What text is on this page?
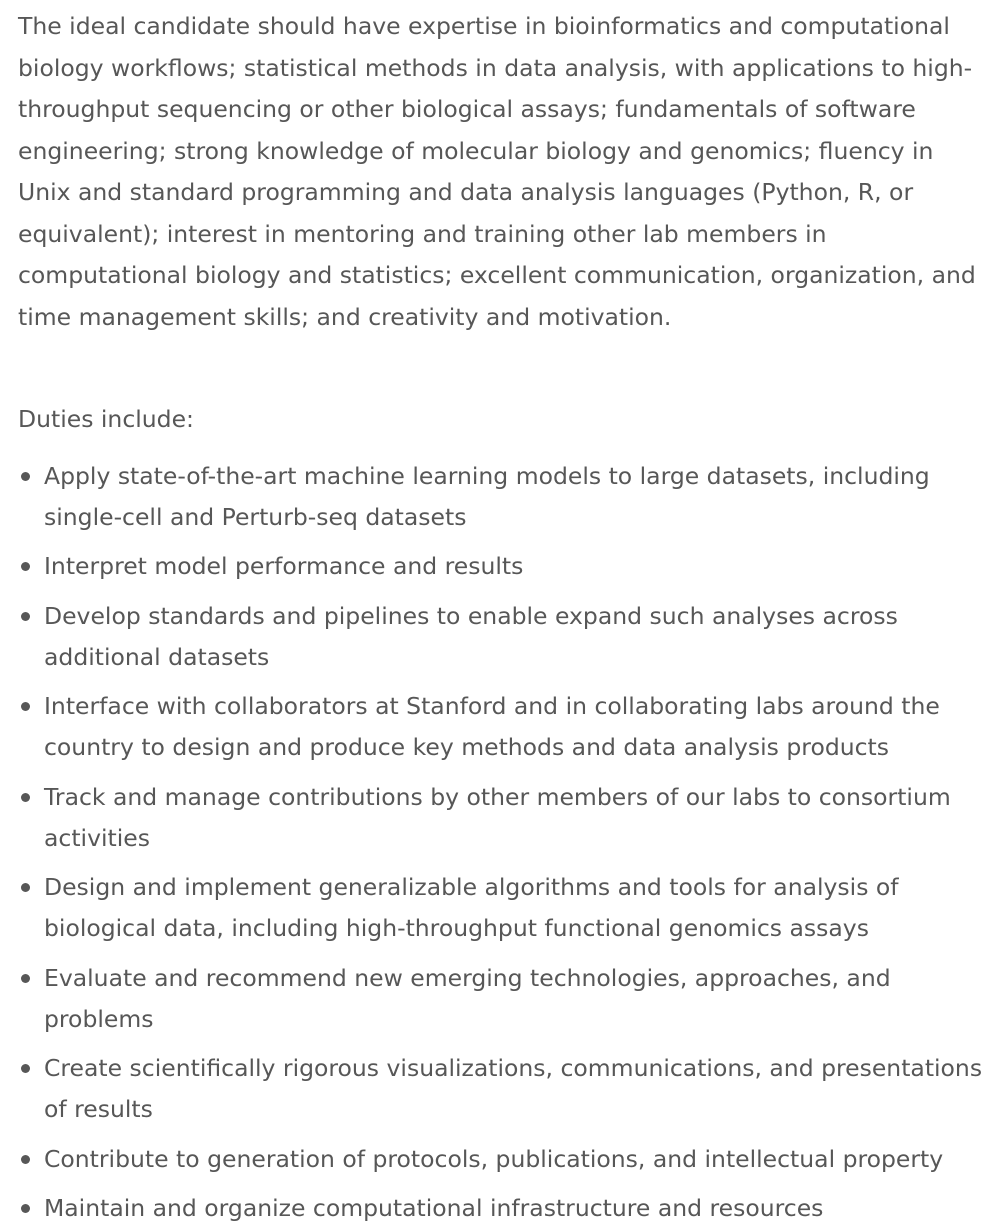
The ideal candidate should have expertise in bioinformatics and computational biology workflows; statistical methods in data analysis, with applications to high-throughput sequencing or other biological assays; fundamentals of software engineering; strong knowledge of molecular biology and genomics; fluency in Unix and standard programming and data analysis languages (Python, R, or equivalent); interest in mentoring and training other lab members in computational biology and statistics; excellent communication, organization, and time management skills; and creativity and motivation.

Duties include:

Apply state-of-the-art machine learning models to large datasets, including single-cell and Perturb-seq datasets
Interpret model performance and results
Develop standards and pipelines to enable expand such analyses across additional datasets
Interface with collaborators at Stanford and in collaborating labs around the country to design and produce key methods and data analysis products
Track and manage contributions by other members of our labs to consortium activities
Design and implement generalizable algorithms and tools for analysis of biological data, including high-throughput functional genomics assays
Evaluate and recommend new emerging technologies, approaches, and problems
Create scientifically rigorous visualizations, communications, and presentations of results
Contribute to generation of protocols, publications, and intellectual property
Maintain and organize computational infrastructure and resources
